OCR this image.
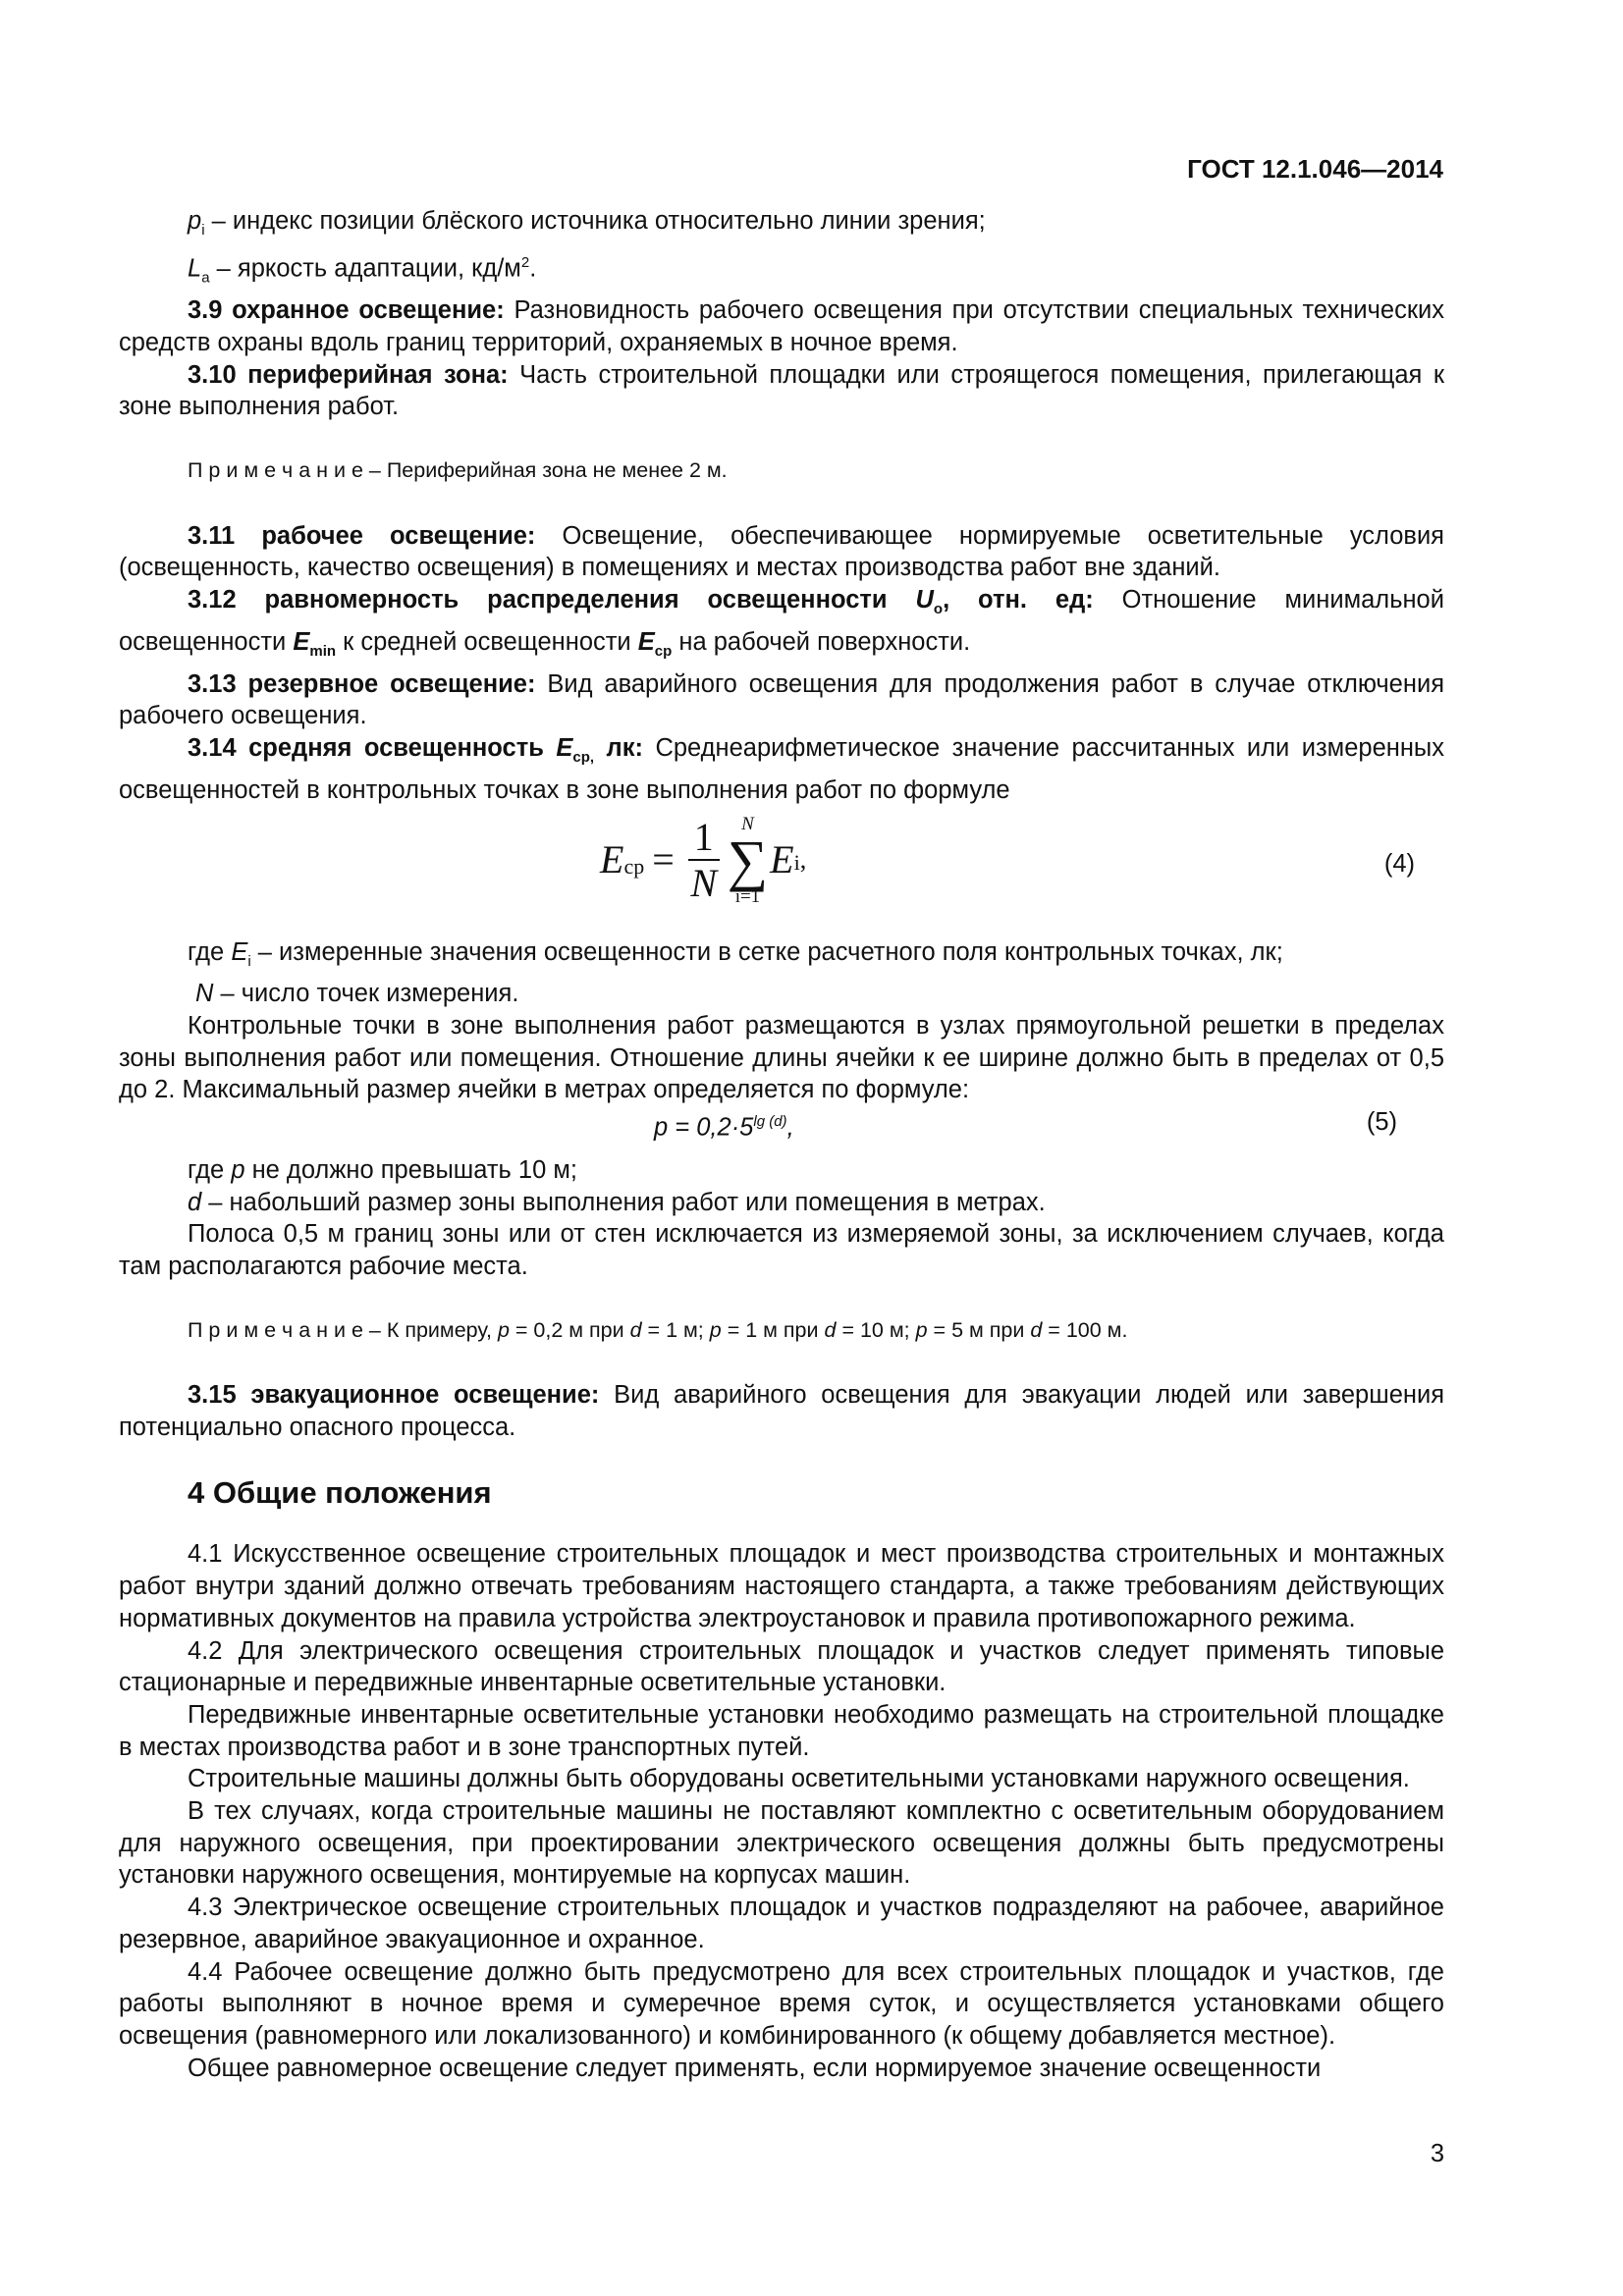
ГОСТ 12.1.046—2014

$p_i$ – индекс позиции блёского источника относительно линии зрения;

$L_a$ – яркость адаптации, $кд/м^2$.

3.9 охранное освещение: Разновидность рабочего освещения при отсутствии специальных технических средств охраны вдоль границ территорий, охраняемых в ночное время.

3.10 периферийная зона: Часть строительной площадки или строящегося помещения, прилегающая к зоне выполнения работ.

П р и м е ч а н и е – Периферийная зона не менее 2 м.

3.11 рабочее освещение: Освещение, обеспечивающее нормируемые осветительные условия (освещенность, качество освещения) в помещениях и местах производства работ вне зданий.

3.12 равномерность распределения освещенности $U_o$, отн. ед: Отношение минимальной освещенности $E_{min}$ к средней освещенности $E_{ср}$ на рабочей поверхности.

3.13 резервное освещение: Вид аварийного освещения для продолжения работ в случае отключения рабочего освещения.

3.14 средняя освещенность $E_{ср,}$ лк: Среднеарифметическое значение рассчитанных или измеренных освещенностей в контрольных точках в зоне выполнения работ по формуле

E ср = $\frac{1}{N}$ N
∑
i=1
E i ,	(4)

где $E_i$ – измеренные значения освещенности в сетке расчетного поля контрольных точках, лк;

N – число точек измерения.

Контрольные точки в зоне выполнения работ размещаются в узлах прямоугольной решетки в пределах зоны выполнения работ или помещения. Отношение длины ячейки к ее ширине должно быть в пределах от 0,5 до 2. Максимальный размер ячейки в метрах определяется по формуле:

$p = 0,2\cdot 5^{lg (d)}$,	(5)

где p не должно превышать 10 м;

d – набольший размер зоны выполнения работ или помещения в метрах.

Полоса 0,5 м границ зоны или от стен исключается из измеряемой зоны, за исключением случаев, когда там располагаются рабочие места.

П р и м е ч а н и е – К примеру, p = 0,2 м при d = 1 м; p = 1 м при d = 10 м; p = 5 м при d = 100 м.

3.15 эвакуационное освещение: Вид аварийного освещения для эвакуации людей или завершения потенциально опасного процесса.

4 Общие положения

4.1 Искусственное освещение строительных площадок и мест производства строительных и монтажных работ внутри зданий должно отвечать требованиям настоящего стандарта, а также требованиям действующих нормативных документов на правила устройства электроустановок и правила противопожарного режима.

4.2 Для электрического освещения строительных площадок и участков следует применять типовые стационарные и передвижные инвентарные осветительные установки.

Передвижные инвентарные осветительные установки необходимо размещать на строительной площадке в местах производства работ и в зоне транспортных путей.

Строительные машины должны быть оборудованы осветительными установками наружного освещения.

В тех случаях, когда строительные машины не поставляют комплектно с осветительным оборудованием для наружного освещения, при проектировании электрического освещения должны быть предусмотрены установки наружного освещения, монтируемые на корпусах машин.

4.3 Электрическое освещение строительных площадок и участков подразделяют на рабочее, аварийное резервное, аварийное эвакуационное и охранное.

4.4 Рабочее освещение должно быть предусмотрено для всех строительных площадок и участков, где работы выполняют в ночное время и сумеречное время суток, и осуществляется установками общего освещения (равномерного или локализованного) и комбинированного (к общему добавляется местное).

Общее равномерное освещение следует применять, если нормируемое значение освещенности

3
